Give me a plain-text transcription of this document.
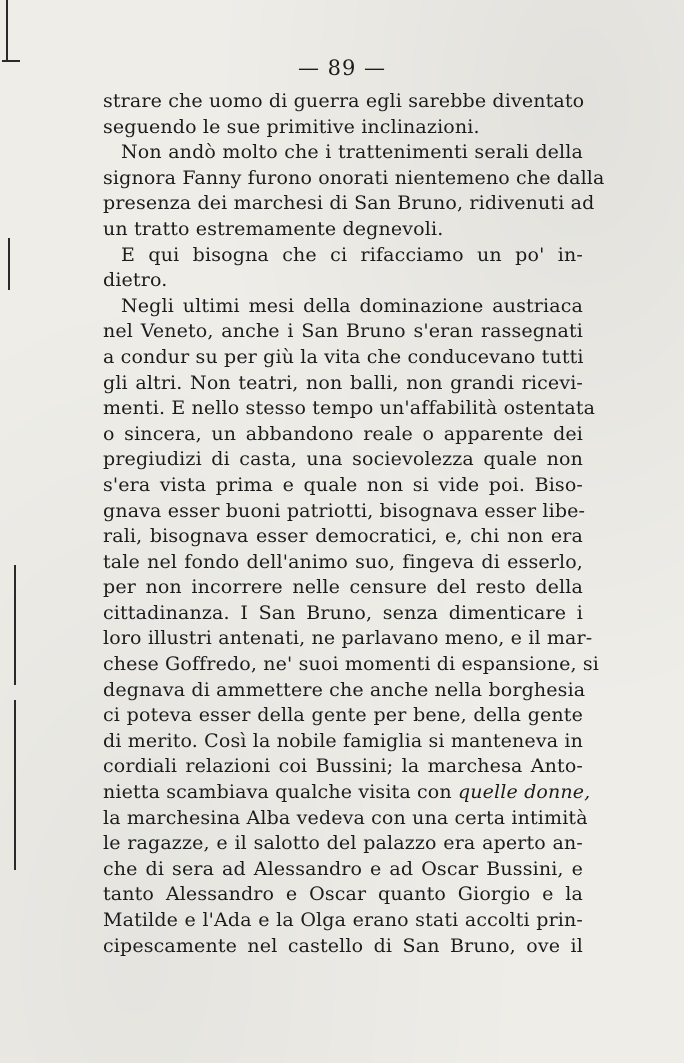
— 89 —
strare che uomo di guerra egli sarebbe diventato
seguendo le sue primitive inclinazioni.
Non andò molto che i trattenimenti serali della
signora Fanny furono onorati nientemeno che dalla
presenza dei marchesi di San Bruno, ridivenuti ad
un tratto estremamente degnevoli.
E qui bisogna che ci rifacciamo un po' in-
dietro.
Negli ultimi mesi della dominazione austriaca
nel Veneto, anche i San Bruno s'eran rassegnati
a condur su per giù la vita che conducevano tutti
gli altri. Non teatri, non balli, non grandi ricevi-
menti. E nello stesso tempo un'affabilità ostentata
o sincera, un abbandono reale o apparente dei
pregiudizi di casta, una socievolezza quale non
s'era vista prima e quale non si vide poi. Biso-
gnava esser buoni patriotti, bisognava esser libe-
rali, bisognava esser democratici, e, chi non era
tale nel fondo dell'animo suo, fingeva di esserlo,
per non incorrere nelle censure del resto della
cittadinanza. I San Bruno, senza dimenticare i
loro illustri antenati, ne parlavano meno, e il mar-
chese Goffredo, ne' suoi momenti di espansione, si
degnava di ammettere che anche nella borghesia
ci poteva esser della gente per bene, della gente
di merito. Così la nobile famiglia si manteneva in
cordiali relazioni coi Bussini; la marchesa Anto-
nietta scambiava qualche visita con quelle donne,
la marchesina Alba vedeva con una certa intimità
le ragazze, e il salotto del palazzo era aperto an-
che di sera ad Alessandro e ad Oscar Bussini, e
tanto Alessandro e Oscar quanto Giorgio e la
Matilde e l'Ada e la Olga erano stati accolti prin-
cipescamente nel castello di San Bruno, ove il
